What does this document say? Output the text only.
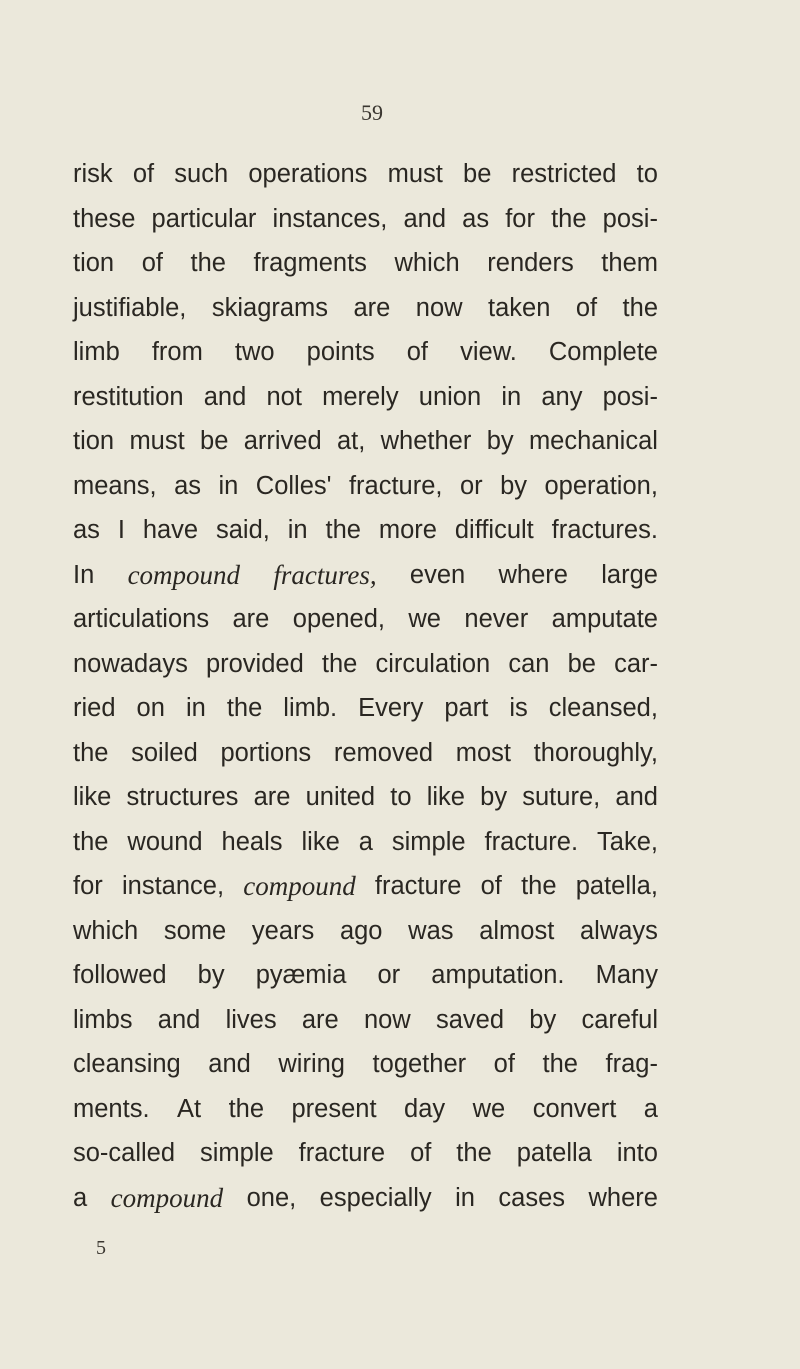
59
risk of such operations must be restricted to
these particular instances, and as for the posi-
tion of the fragments which renders them
justifiable, skiagrams are now taken of the
limb from two points of view. Complete
restitution and not merely union in any posi-
tion must be arrived at, whether by mechanical
means, as in Colles' fracture, or by operation,
as I have said, in the more difficult fractures.
In compound fractures, even where large
articulations are opened, we never amputate
nowadays provided the circulation can be car-
ried on in the limb. Every part is cleansed,
the soiled portions removed most thoroughly,
like structures are united to like by suture, and
the wound heals like a simple fracture. Take,
for instance, compound fracture of the patella,
which some years ago was almost always
followed by pyæmia or amputation. Many
limbs and lives are now saved by careful
cleansing and wiring together of the frag-
ments. At the present day we convert a
so-called simple fracture of the patella into
a compound one, especially in cases where
5
